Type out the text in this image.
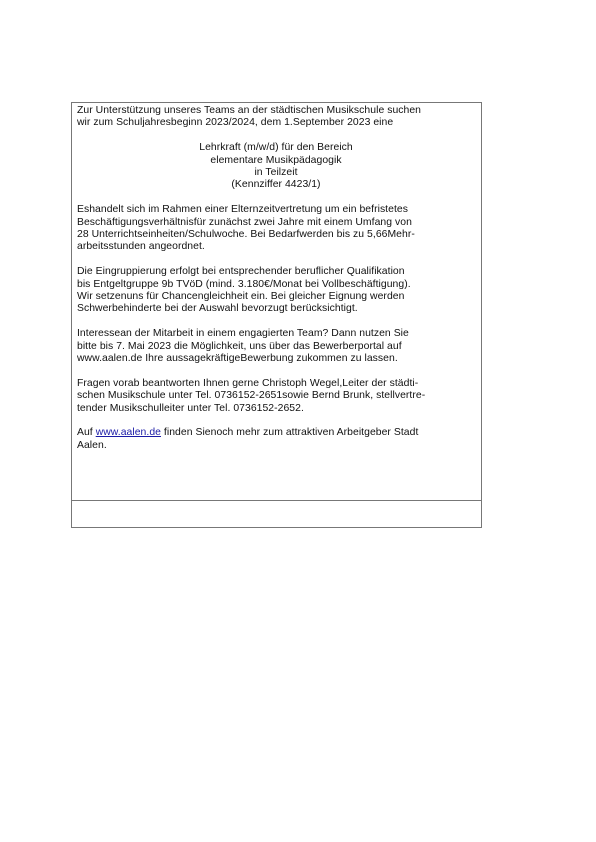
Zur Unterstützung unseres Teams an der städtischen Musikschule suchen

wir zum Schuljahresbeginn 2023/2024, dem 1.September 2023 eine

Lehrkraft (m/w/d) für den Bereich

elementare Musikpädagogik

in Teilzeit

(Kennziffer 4423/1)

Eshandelt sich im Rahmen einer Elternzeitvertretung um ein befristetes

Beschäftigungsverhältnisfür zunächst zwei Jahre mit einem Umfang von

28 Unterrichtseinheiten/Schulwoche. Bei Bedarfwerden bis zu 5,66Mehr-

arbeitsstunden angeordnet.

Die Eingruppierung erfolgt bei entsprechender beruflicher Qualifikation

bis Entgeltgruppe 9b TVöD (mind. 3.180€/Monat bei Vollbeschäftigung).

Wir setzenuns für Chancengleichheit ein. Bei gleicher Eignung werden

Schwerbehinderte bei der Auswahl bevorzugt berücksichtigt.

Interessean der Mitarbeit in einem engagierten Team? Dann nutzen Sie

bitte bis 7. Mai 2023 die Möglichkeit, uns über das Bewerberportal auf

www.aalen.de Ihre aussagekräftigeBewerbung zukommen zu lassen.

Fragen vorab beantworten Ihnen gerne Christoph Wegel,Leiter der städti-

schen Musikschule unter Tel. 0736152-2651sowie Bernd Brunk, stellvertre-

tender Musikschulleiter unter Tel. 0736152-2652.

Auf www.aalen.de finden Sienoch mehr zum attraktiven Arbeitgeber Stadt

Aalen.
